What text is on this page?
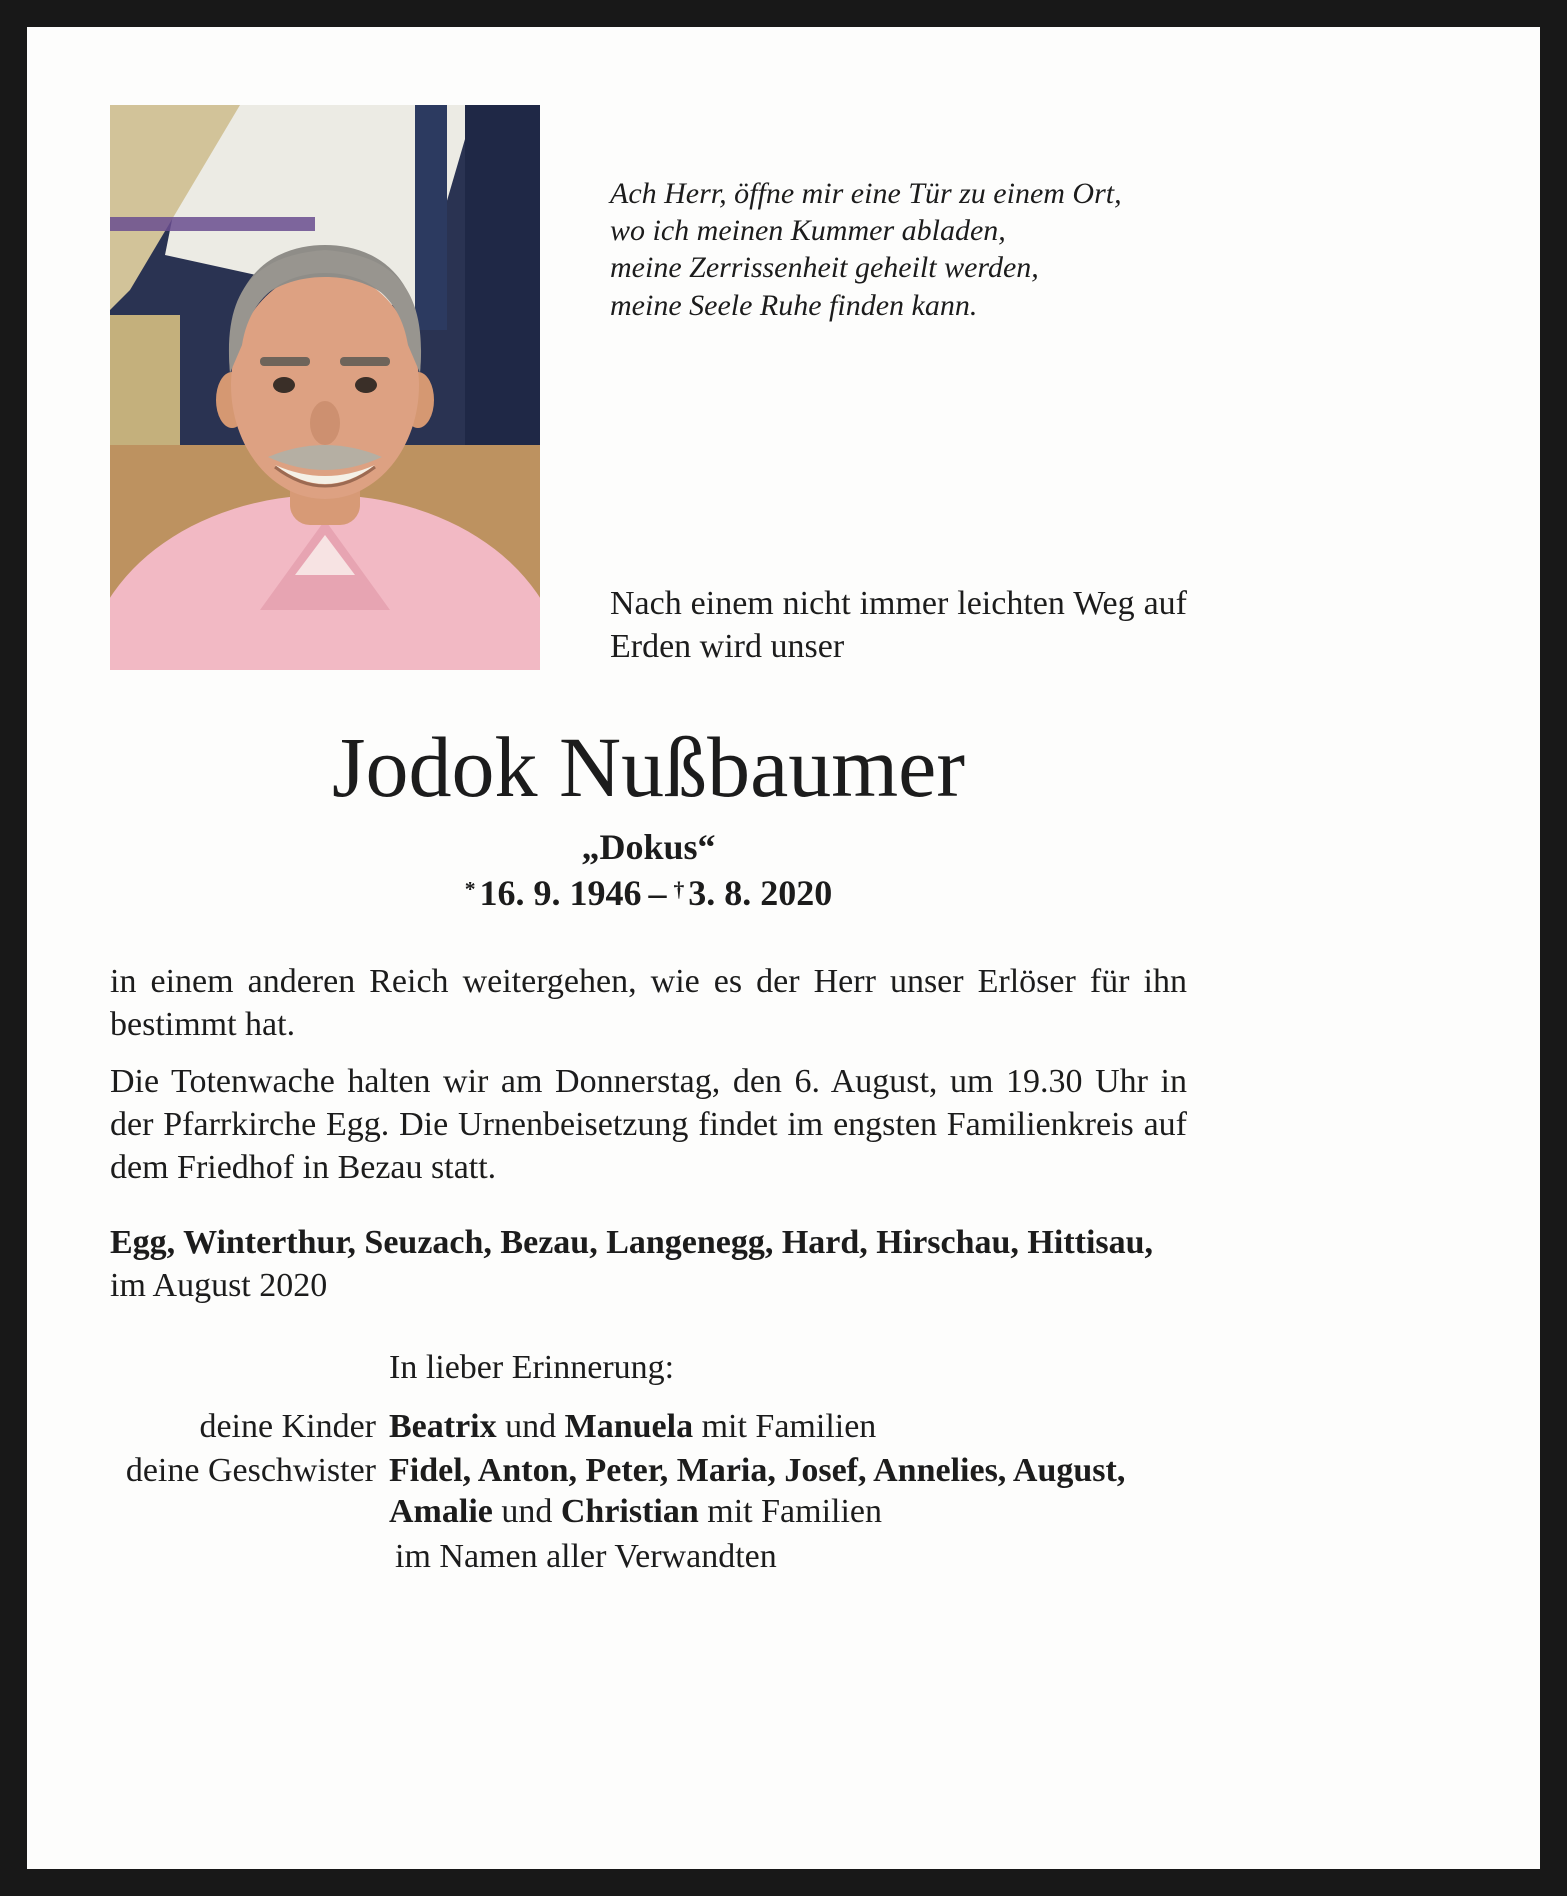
Ach Herr, öffne mir eine Tür zu einem Ort,
wo ich meinen Kummer abladen,
meine Zerrissenheit geheilt werden,
meine Seele Ruhe finden kann.
Nach einem nicht immer leichten Weg auf Erden wird unser
Jodok Nußbaumer
„Dokus“
* 16. 9. 1946 – † 3. 8. 2020

in einem anderen Reich weitergehen, wie es der Herr unser Erlöser für ihn bestimmt hat.

Die Totenwache halten wir am Donnerstag, den 6. August, um 19.30 Uhr in der Pfarrkirche Egg. Die Urnenbeisetzung findet im engsten Familienkreis auf dem Friedhof in Bezau statt.

Egg, Winterthur, Seuzach, Bezau, Langenegg, Hard, Hirschau, Hittisau, im August 2020
In lieber Erinnerung:
deine Kinder Beatrix und Manuela mit Familien
deine Geschwister Fidel, Anton, Peter, Maria, Josef, Annelies, August, Amalie und Christian mit Familien
im Namen aller Verwandten
